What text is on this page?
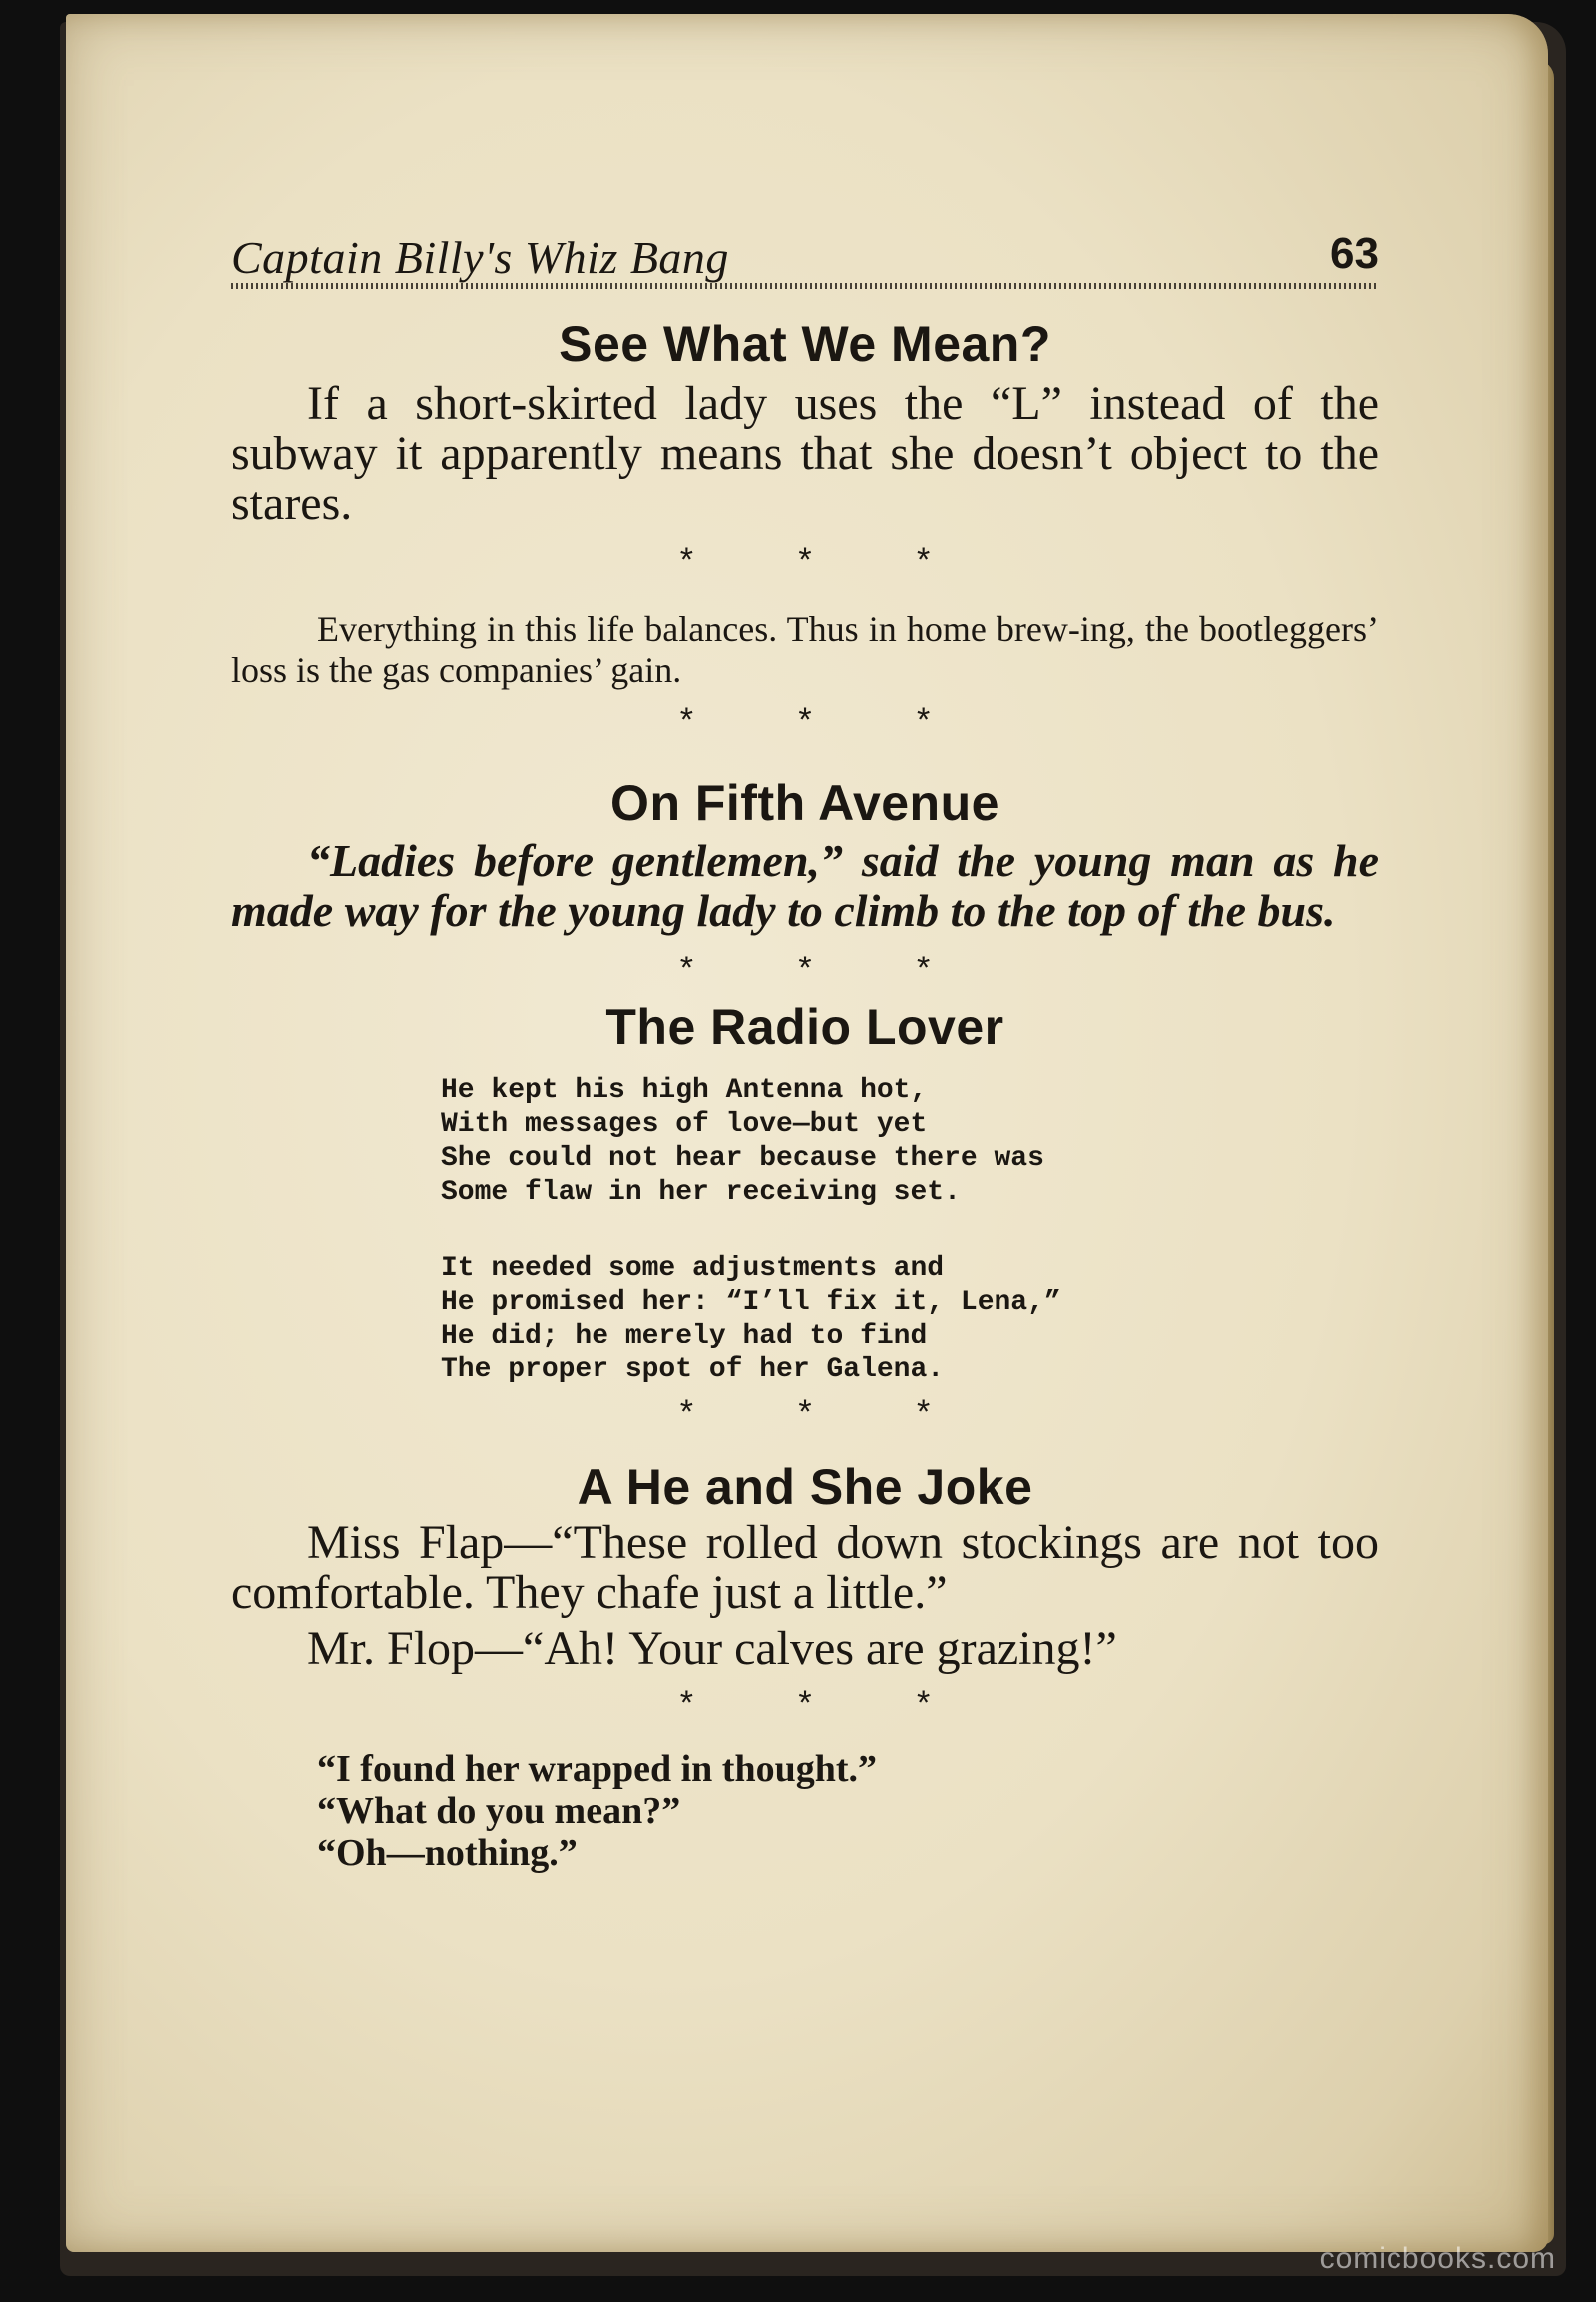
Captain Billy's Whiz Bang	63
See What We Mean?

If a short-skirted lady uses the “L” instead of the subway it apparently means that she doesn’t object to the stares.

* * *

Everything in this life balances. Thus in home brew-ing, the bootleggers’ loss is the gas companies’ gain.

* * *

On Fifth Avenue

“Ladies before gentlemen,” said the young man as he made way for the young lady to climb to the top of the bus.

* * *

The Radio Lover
He kept his high Antenna hot,
With messages of love—but yet
She could not hear because there was
Some flaw in her receiving set.
It needed some adjustments and
He promised her: “I’ll fix it, Lena,”
He did; he merely had to find
The proper spot of her Galena.

* * *

A He and She Joke

Miss Flap—“These rolled down stockings are not too comfortable. They chafe just a little.”

Mr. Flop—“Ah! Your calves are grazing!”

* * *

“I found her wrapped in thought.”
“What do you mean?”
“Oh—nothing.”
comicbooks.com
